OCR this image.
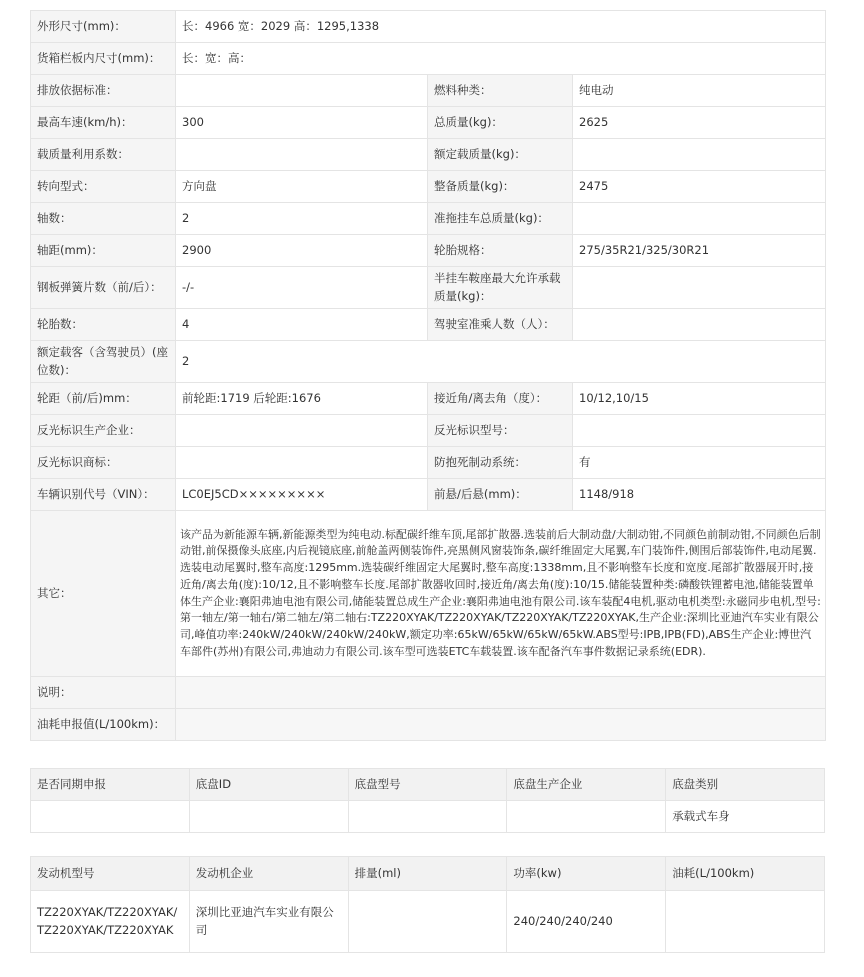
外形尺寸(mm)：	长：4966 宽：2029 高：1295,1338		
货箱栏板内尺寸(mm)：	长：宽：高：		
排放依据标准：		燃料种类：	纯电动
最高车速(km/h)：	300	总质量(kg)：	2625
载质量利用系数：		额定载质量(kg)：	
转向型式：	方向盘	整备质量(kg)：	2475
轴数：	2	准拖挂车总质量(kg)：	
轴距(mm)：	2900	轮胎规格：	275/35R21/325/30R21
钢板弹簧片数（前/后）：	-/-	半挂车鞍座最大允许承载质量(kg)：	
轮胎数：	4	驾驶室准乘人数（人）：	
额定载客（含驾驶员）(座位数)：	2		
轮距（前/后)mm：	前轮距:1719 后轮距:1676	接近角/离去角（度）：	10/12,10/15
反光标识生产企业：		反光标识型号：	
反光标识商标：		防抱死制动系统：	有
车辆识别代号（VIN）：	LC0EJ5CD×××××××××	前悬/后悬(mm)：	1148/918
其它：	该产品为新能源车辆,新能源类型为纯电动.标配碳纤维车顶,尾部扩散器.选装前后大制动盘/大制动钳,不同颜色前制动钳,不同颜色后制动钳,前保摄像头底座,内后视镜底座,前舱盖两侧装饰件,亮黑侧风窗装饰条,碳纤维固定大尾翼,车门装饰件,侧围后部装饰件,电动尾翼.选装电动尾翼时,整车高度:1295mm.选装碳纤维固定大尾翼时,整车高度:1338mm,且不影响整车长度和宽度.尾部扩散器展开时,接近角/离去角(度):10/12,且不影响整车长度.尾部扩散器收回时,接近角/离去角(度):10/15.储能装置种类:磷酸铁锂蓄电池,储能装置单体生产企业:襄阳弗迪电池有限公司,储能装置总成生产企业:襄阳弗迪电池有限公司.该车装配4电机,驱动电机类型:永磁同步电机,型号:第一轴左/第一轴右/第二轴左/第二轴右:TZ220XYAK/TZ220XYAK/TZ220XYAK/TZ220XYAK,生产企业:深圳比亚迪汽车实业有限公司,峰值功率:240kW/240kW/240kW/240kW,额定功率:65kW/65kW/65kW/65kW.ABS型号:IPB,IPB(FD),ABS生产企业:博世汽车部件(苏州)有限公司,弗迪动力有限公司.该车型可选装ETC车载装置.该车配备汽车事件数据记录系统(EDR).		
说明：			
油耗申报值(L/100km)：			
是否同期申报	底盘ID	底盘型号	底盘生产企业	底盘类别
				承载式车身
发动机型号	发动机企业	排量(ml)	功率(kw)	油耗(L/100km)
TZ220XYAK/TZ220XYAK/TZ220XYAK/TZ220XYAK	深圳比亚迪汽车实业有限公司		240/240/240/240	
